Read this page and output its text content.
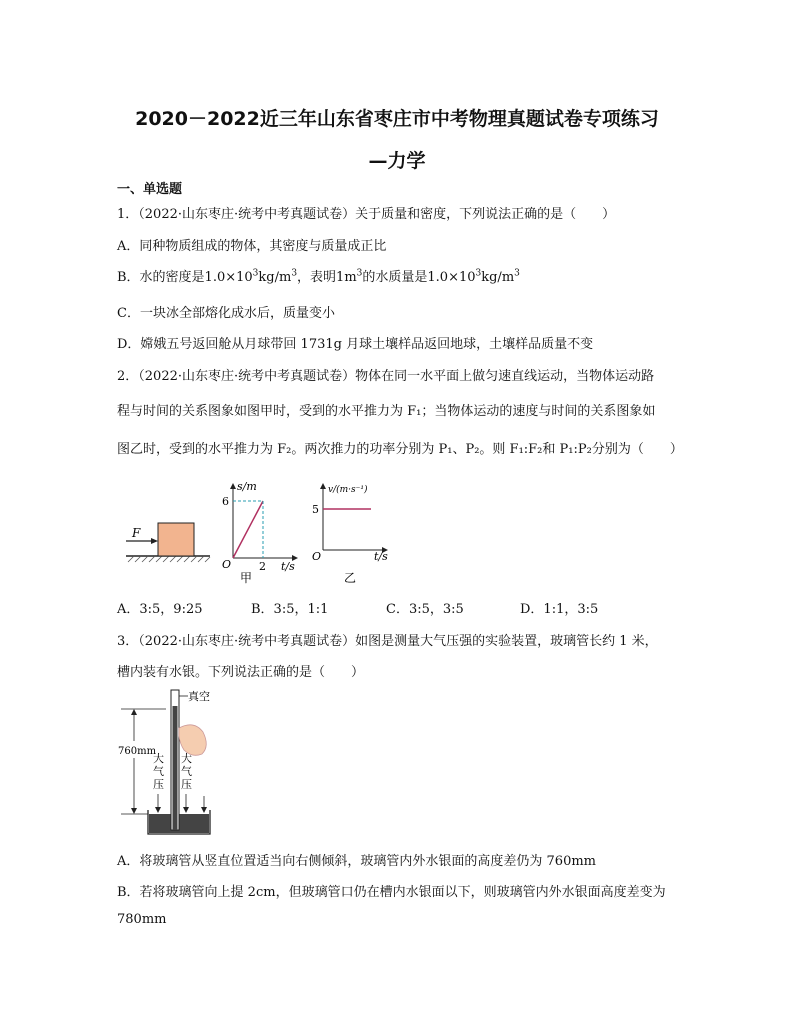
2020－2022近三年山东省枣庄市中考物理真题试卷专项练习
—力学
一、单选题
1．（2022·山东枣庄·统考中考真题试卷）关于质量和密度，下列说法正确的是（　　）
A．同种物质组成的物体，其密度与质量成正比
B．水的密度是$1.0\times 10^3kg/m^3$，表明$1m^3$的水质量是$1.0\times 10^3kg/m^3$
C．一块冰全部熔化成水后，质量变小
D．嫦娥五号返回舱从月球带回 1731g 月球土壤样品返回地球，土壤样品质量不变
2．（2022·山东枣庄·统考中考真题试卷）物体在同一水平面上做匀速直线运动，当物体运动路
程与时间的关系图象如图甲时，受到的水平推力为 F₁；当物体运动的速度与时间的关系图象如
图乙时，受到的水平推力为 F₂。两次推力的功率分别为 P₁、P₂。则 F₁:F₂和 P₁:P₂分别为（　　）
F
s/m
6
O	2 t/s
甲
v/(m·s⁻¹)
5
O	t/s
乙
A．3:5，9:25	B．3:5，1:1	C．3:5，3:5	D．1:1，3:5
3．（2022·山东枣庄·统考中考真题试卷）如图是测量大气压强的实验装置，玻璃管长约 1 米，
槽内装有水银。下列说法正确的是（　　）
真空
760mm
大气压
大气压
A．将玻璃管从竖直位置适当向右侧倾斜，玻璃管内外水银面的高度差仍为 760mm
B．若将玻璃管向上提 2cm，但玻璃管口仍在槽内水银面以下，则玻璃管内外水银面高度差变为
780mm
